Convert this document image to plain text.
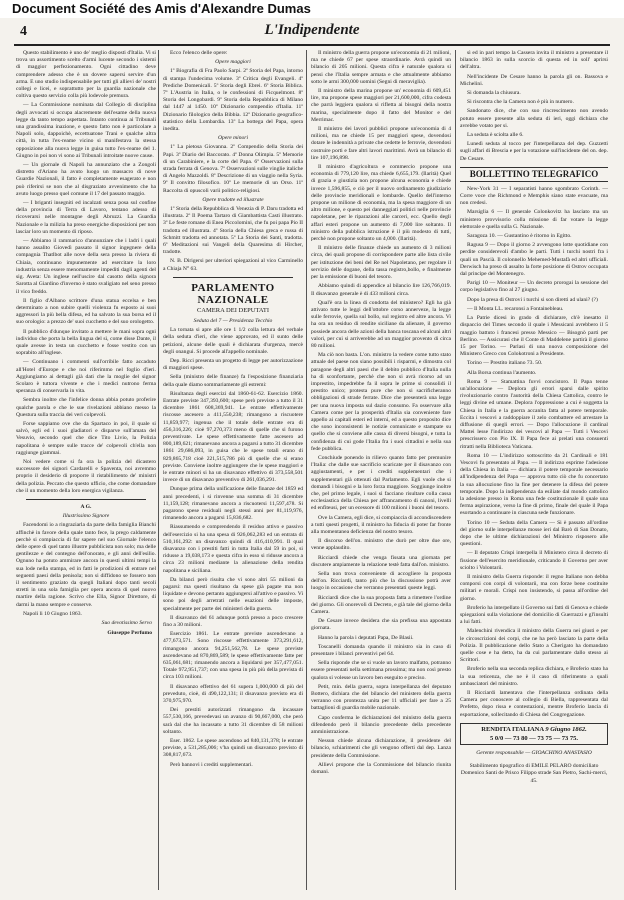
Document Société des Amis d'Alexandre Dumas
4	L'Indipendente

Questo stabilimento è uno de' meglio disposti d'Italia. Vi si trova un assortimento scelto d'armi lucente secondo i sistemi di maggior perfezionamento. Ogni cittadino deve comprendere adesso che è un dovere sapersi servire d'un arma. E uno studio indispensabile per tutti gli allievi de' nostri collegi e licei, e soprattutto per la guardia nazionale che coltiva questo servizio colla più lodevole premura.

— La Commissione nominata dal Collegio di disciplina degli avvocati si occupa alacremente dell'esame della nuova legge da tanto tempo aspettata. Intanto continua ai Tribunali una grandissima inazione, e questo fatto non è particolare a Napoli solo, dappoichè, eccettuatone Trani e qualche altra città, in tutta l'ex-reame vicino si manifestava la stessa opposizione alla nuova legge in guisa tutto l'ex-reame del 1. Giugno in poi non vi sono ai Tribunali introitate nuove cause.

— Un giornale di Napoli ha annunziato che a Zongoli distretto d'Ariano ha avuto luogo un massacro di nove Guardie Nazionali, il fatto è completamente esagerato e non può riferirsi se non che al disgraziato avvenimento che ha avuto luogo presso quel comune il 17 del passato maggio.

— I briganti insegniti ed incalzati senza posa sul confine della provincia di Terra di Lavoro, tentano adesso di ricoverarsi nelle montagne degli Abruzzi. La Guardia Nazionale e la milizia ha preso energiche disposizioni per non lasciar loro un momento di riposo.

— Abbiamo il rammarico d'annunziare che i ladri i quali hanno assalito Giovedì passato il signor ingegnere della compagnia Thatlbot alle nove della sera presso la riviera di Chiaia, continuano impunemente ad esercitare la loro industria senza essere menomamente impediti dagli agenti del sig. Aveta: Un inglese nell'uscire dal casotto della signora Sarotta al Giardino d'inverno è stato svaligiato nel seno presso il vico freddo.

Il figlio d'Albano scrittore d'una statua eccelsa e ben determinato a non subire quelli violenza fu esposto ai suoi aggressori la più bella difesa, ed ha salvato la sua borsa ed il suo orologio: a prezzo de' suoi cucchetto e del suo orologetto.

Il pubblico d'dunque invitato a mettere le mani sopra ogni individuo che porta la bella lingua del sì, come disse Dante, il quale avesse in testa un cucchetto e fosse vestito con un soprabito all'inglese.

— Continuano i commenti sull'orribile fatto accaduto all'Hotel d'Europe e che noi riferimmo nel foglio d'ieri. Aggiungiamo ai dettagli già dati che la moglie del signor Scolaro è tuttora vivente e che i medici nutrono ferma speranza di conservarla in vita.

Sembra inoltre che l'infelice donna abbia potuto proferire qualche parola e che le sue rivelazioni abbiano messo la Questura sulla traccia dei veri colpevoli.

Forse sappiamo ove che da Spartaco in poi, il quale si salvò, egli ed i suoi gladiatori e disparve sull'amata del Vesuvio, secondo quel che dice Tito Livio, la Polizia napolitana è sempre sulle tracce de' colpevoli ch'ella non raggiunge giammai.

Noi vedere come si fa ora la polizia del dicastero successore dei signori Cardarelli e Spaventa, noi avremmo proprio il desiderio di proporre il ristabilimento de' ministri della polizia. Peccato che questo ufficio, che come domandare che il un momento della loro energica vigilanza.

A G.

Illustrissimo Signore

Facendomi io a ringraziarla da parte della famiglia Bianchi affinchè in favore della quale tanto fece, la prego caldamente perchè si compiaccia di far sapere nel suo Giornale l'elenco delle opere di quel tanto illustre pubblicista non solo; ma delle gentilezze e del contegno dell'onorato, e gli anni dell'esilio. Ognuno ha potuto ammirare ancora in questi ultimi tempi la sua lode nella stampa, ed in fatti le prodizioni di entrare nel seguenti paesi della penisola; non si diffidono se fossero non il sentimento graziato da quegli Italiani dopo tanti secoli stretti in una sola famiglia per opera ancora di quel nuovo martire della ragione. Scrivo che Ella, Signor Direttore, di darmi la mano sempre e conserve.

Napoli li 10 Giugno 1863.

Suo devotissimo Servo

Giuseppe Perfumo

Ecco l'elenco delle opere:

Opere maggiori

1º Biografia di Fra Paolo Sarpi. 2º Storia del Papa, intorno di stampa l'undecima volume. 3º Critica degli Evangeli. 4º Prediche Domenicali. 5º Storia degli Ebrei. 6º Storia Biblica. 7º L'Austria in Italia, o le confessioni di Ficquelmont. 8º Storia dei Longobardi. 9º Storia della Repubblica di Milano dal 1447 al 1450. 10º Dizionario compendio d'Italia. 11º Dizionario filologico della Bibbia. 12º Dizionario geografico-statistico della Lombardia. 13º La bottega del Papa, opera inedita.

Opere minori

1º La pietosa Giovanna. 2º Compendio della Storia dei Papi. 3º Diario del Baccorato. 4º Donna Olimpia. 5º Memorie di un Carabiniere, e la corte del Papa. 6º Osservazioni sulla strada ferrata di Genova. 7º Osservazioni sulle vinglie italiche di Angelo Mazzoldi. 8º Descrizione di un viaggio nella Syria. 9º Il convitto filosofico. 10º Le memorie di un Orso. 11º Raccolta di opuscoli varii politico-religiosi.

Opere tradotte ed illustrate

1º Storia della Repubblica di Venezia di P. Daru tradotta ed illustrata. 2º Il Poema Tartaro di Giambattista Casti illustrato. 3º Le feste romane di Enea Piccolomini, che fu poi papa Pio II tradotta ed illustrata. 4º Storia della Chiesa greca e russa di Schmitt tradotta ed annotata. 5º La Storia dei Santi, tradotta. 6º Meditazioni sui Vangeli della Quaresima di Hircher, tradotte.

N. B. Dirigersi per ulteriori spiegazioni al vico Carminello a Chiaja N° 63.

PARLAMENTO NAZIONALE
CAMERA DEI DEPUTATI

Seduta del 7 — Presidenza Tecchio

La tornata si apre alle ore 1 1/2 colla lettura del verbale della seduta d'ieri, che viene approvato, ed il sunto delle petizioni, alcune delle quali è dichiarata d'urgenza, mercè degli onangui. Si procede all'appello nominale.

Dep. Ricci presenta un progetto di legge per autorizzazione di maggiori spese.

Sella (ministro delle finanze) fa l'esposizione finanziaria della quale diamo sommariamente gli estremi:

Risultanza degli esercizi dal 1860-61-62. Esercizio 1860. Entrate previste 347,393,600; spese però previste a tutto il 31 dicembre 1861 608,369,941. Le entrate effettivamente riscosse ascesero a 411,550,238; rimangono a riscuotere 11,859,977; ingenua che il totale delle entrate era di 456,316,226; cioè 97,270,373 meno di quelle che si furono preventivate. Le spese effettivamente fatte ascesero ad 800,189,621; rimanevano ancora a pagarsi a tutto 31 dicembre 1861 29,686,093, in guisa che le spese totali erano di 829,865,718 cioè 221,515,786 più di quelle che si erano previste. Conviene inoltre aggiungere che le spese maggiori e le entrate minori si ha un disavanzo effettivo di 373,558,501 invece di un disavanzo preventivo di 261,036,291.

Dunque prima della unificazione delle finanze del 1859 ed anni precedenti, i si rinvenne una somma di 31 dicembre 11,159,128; rimanevano ancora a riscuotersi 11,597,478. Si pagarono spese residuali negli stessi anni per 81,119,976, rimanendo ancora a pagarsi 15,836,682.

Riassumendo e comprendendo il residuo attivo e passivo dell'esercizio si ha una spesa di 926,062,283 ed un entrata di 510,161,292: un disavanzo quindi di 416,410,991. Il qual disavanzo con i prestiti fatti in tutta Italia dal 59 in poi, si ridusse a 19,038,173 e questa cifra in esso si ridusse ancora a circa 23 milioni mediante la alienazione della rendita napolitana e siciliana.

Da bilanci però risulta che vi sono altri 55 milioni da pagarsi: ma questi risultano da spese già pagate ma non liquidate e devono pertanto aggiungersi all'attivo e passivo. Vi sono poi degli arretrati nelle esazioni delle imposte, specialmente per parte dei ministeri della guerra.

Il disavanzo del 61 adunque potrà presso a poco crescere fino a 30 milioni.

Esercizio 1861. Le entrate previste ascendevano a 477,673,571. Sono riscosse effettivamente 373,291,612, rimangono ancora 94,251,562,78. Le spese previste ascendevano ad 870,869,589; le spese effettivamente fatte per 635,061,681; rimanendo ancora a liquidarsi per 357,477,051. Totale 972,951,737; con una spesa in più più della prevista di circa 103 milioni.

Il disavanzo effettivo del 61 supera 1,000,000 di più del preveduto, cioè, di 490,122,131; il disavanzo previsto era di 370,975,970.

Dei prestiti autorizzati rimangono da incassare 557,530,166, prevedevasi un avanzo di 90,667,000, che però sarà dal che ha incassato a tutto 31 dicembre di 58 milioni soltanto.

Eser. 1862. Le spese ascendono ad 840,131,378; le entrate previste, a 531,285,006; v'ha quindi un disavanzo previsto di 308,817,673.

Però bannovi i crediti supplementari.

Il ministro della guerra propone un'economia di 21 milioni, ma ne chiede 67 per spese straordinarie. Avrà quindi un bilancio di 205 milioni. Questa cifra è naturale qualora si pensi che l'Italia sempre armata e che attualmente abbiamo sotto le armi 300,000 uomini (Segni di meraviglia).

Il ministro della marina propone un' economia di 609,451 lire, ma propone spese maggiori per 21,600,000, cifra codesta che parrà leggiera qualora si rifletta ai bisogni della nostra marina, specialmente dopo il fatto del Monitor e del Merrimac.

Il ministro dei lavori pubblici propone un'economia di 4 milioni, ma ne chiede 15 per maggiori spese, dovendosi dotare le indennità a private che cedette le ferrovie, dovendosi costruire porti e fare altri lavori marittimi. Avrà un bilancio di lire 107,196,898.

Il ministro d'agricoltura e commercio propone una economia di 779,120 lire, ma chiede 6,655,179. (Ilarità) Quel di grazia e giustizia non propone alcuna economia e chiede invece 1,596,855, e ciò per il nuovo ordinamento giudiziario delle provincie meridionali e lombarde. Quello dell'interno propone un milione di economia, ma la spesa maggiore di un altro milione, e questo pei danneggiati politici nelle provincie napoletane, per le riparazioni alle carceri, ecc. Quello degli affari esteri propone un aumento di 7,000 lire soltanto. Il ministro della pubblica istruzione è il più modesto di tutti, perchè non propone soltanto un 4,000. (Ilarità).

Il ministro delle finanze chiede un aumento di 3 milioni circa, dei quali propone di corrispondere parte alle lista civile per istituzione dei beni del Re nel Napoletano, per regolare il servizio delle dogane, della tassa registro,bollo, e finalmente per la emissione di buoni del tesoro.

Abbiamo quindi di appendice al bilancio lire 126,766,019. Il disavanzo generale è di 433 milioni circa.

Qual'è ora la linea di condotta del ministero? Egli ha già attivato tutte le leggi dell'ottobre corso annerveze, la legge sulle ferrovie, quella sul bollo, sul registro ed altre ancora. Vi ha ora un residuo di rendite siciliane da alienare, il governo possiede ancora delle azioni della banca toscana ed alcuni altri valori, per cui si arriverebbe ad un maggior provento di circa 80 milioni.

Ma ciò non basta. L'on. ministro la vedere come tutto stato attuale del paese non siano possibili i risparmi, e dimostra col paragone degli altri paesi che il debito pubblico d'Italia nulla ha di sconfortante, perchè che non si avrà ricorso ad un imprestito, impedrebbe fa il sopra le prime si consolidi il prestito unico; protesta pure che non si sacrificheranno obbligazioni di strade ferrate. Dice che presenterà una legge per una nuova imposta sul dazio consumo. Fa osservare alla Camera come per la prosperità d'Italia sia conveniente fare appello ai capitali esteri ed interni, ed a questo proposito dice che sono inconsistenti le notizie comunicate e stampate su quello che si conviene alle cassa di diversi bisogni, e tutta la confidenza di cui gode l'Italia fra i suoi cittadini e nella sua fede pubblica.

Conchiude ponendo in rilievo quanto fatto per premunire l'Italia: che dalle sue sacrificio scaricate per il disavanzo con aggiustamenti, e per i crediti supplementari che i supplementari già ottenuti dal Parlamento. Egli vuole che si domandi i bisogni e la loro forza maggiore. Soggiunge inoltre che, pel primo legale, i suoi si facciano risultare colla cassa ecclesiastica della Chiesa per affrancamento di canoni, livelli ed enfiteusi, per un ecessore di 100 milioni i buoni del tesoro.

Ove la Camera, egli dice, si compiaccia di accondiscendere a tutti questi progetti, il ministro ha fiducia di poter far fronte alla momentanea deficienza del nostro tesoro.

Il discorso dell'on. ministro che durò per oltre due ore, venne applaudito.

Ricciardi chiede che venga fissata una giornata per discutere ampiamente la relazione testè fatta dall'on. ministro.

Sella non trova conveniente di accogliere la proposta dell'on. Ricciardi, tanto più che la discussione potrà aver luogo in occasione che verranno presentati queste leggi.

Ricciardi dice che la sua proposta fatta a rimettere l'ordine del giorno. Gli onorevoli di Decreto, e già tale del giorno della Camera.

De Cesare invece desidera che sia prefissa una appostata giornata.

Hanno la parola i deputati Papa, De Blasii.

Toscanelli domanda quando il ministro sia in caso di presentare i bilanci preventivi pel 64.

Sella risponde che se si vuole un lavoro malfatto, potranno essere presentati nella settimana prossima; ma non così presto qualora si volesse un lavoro ben eseguito e preciso.

Petit, min. della guerra, sopra interpellanza del deputato Bottero, dichiara che del bilancio del ministero della guerra verranno con prontezza unita per 11 ufficiali per fare a 25 battaglioni di guardia mobile nazionale.

Capo conferma le dichiarazioni del ministro della guerra difendendo però il bilancio precedente della precedente amministrazione.

Nessun chiede alcuna dichiarazione, il presidente del bilancio, schiarimenti che gli vengono offerti dal dep. Lanza presidente della Commissione.

Allievi propone che la Commissione del bilancio riunita domani.

sì ed in pari tempo la Cassera invita il ministro a presentare il bilancio 1863 in sulla scorcio di questa ed in soll' aprirsi dell'altra.

Nell'incidente De Cesare hanno la parola gli on. Bassova e Michelini.

Si domanda la chiusura.

Si riscontra che la Camera non è più in numero.

Sandonato dice, che con suo rincrescimento non avendo potuto essere presente alla seduta di ieri, oggi dichiara che avrebbe votato per si.

La seduta è sciolta alle 6.

Lunedì seduta al tocco per l'interpellanza del dep. Guzzetti sugli affari di Brescia e per la votazione sull'incidente del on. dep. De Cesare.

BOLLETTINO TELEGRAFICO

New-York 31 — I separatisti hanno sgombrato Corinth. — Corre voce che Richmond e Memphis siano state evacuate, ma non credesi.

Marsiglia 6 — Il generale Colonkovitz ha lasciato ma un ministero provvisorio colla missione di far votare la legge elettorale e quella sulla G. Nazionale.

Saragoza 10. — Gustantino è ritorno in Egitto.

Ragusa 9 — Dopo il giorno 2 avvengono lotte quotidiane con perdite considerevoli d'ambo le parti. Tutti i turchi nostri fra i quali un Pascià. Il colonnello Mehemed-Mustafà ed altri ufficiali. Derwisch ha preso di assalto la forte posizione di Ostrov occupata dal principe del Montenegro.

Parigi 10 — Moniteur — Un decreto prorogai la sessione del corpo legislativo fino al 27 giugno.

Dopo la presa di Ostrovi i turchi si son diretti ad ulani? (?)

— Il Monta LL. recaronsi a Fontainebleau.

La Patrie dicesi in grado di dichiarare, ch'è inesatto il dispaccio del Times secondo il quale i Messicani avrebbero il 5 maggio battuto i francesi presso Messico — Bisognò parti per Berlino. — Assicurasi che il Conte di Maddelene partirà il giorno 15 per Torino. — Parlasi di una nuova composizione del Ministero Greco con Colokotroni a Presidente.

Torino — Prestito italiano 73. 50.

Alla Borsa continua l'aumento.

Roma 9 — Stamattina fuvvi concistoro. Il Papa tenne un'allocuzione — Deplora gli errori sparsi dalle spirito rivoluzionario contro l'autorità della Chiesa Cattolica, contro le leggi divine ed umane. Deplora l'oppressione a cui è soggetta la Chiesa in Italia e la guerra accanita fatta al potere temporale. Eccita i vescovi a raddoppiare il zelo combattere ed arrestare la diffusione di quegli errori. — Dopo l'allocuzione il cardinal Mattei lesse l'indirizzo dei vescovi al Papa — Tutti i Vescovi prescrissero con Pio IX. Il Papa fece ai prelati una consuenti ritratti nella Biblioteca Vaticana.

Roma 10 — L'indirizzo sottoscritto da 21 Cardinali e 181 Vescovi fu presentato al Papa. — Il indirizzo esprime l'adesione della Chiesa in Italia — dichiara il potere temporale necessario all'indipendenza del Papa — approva tutto ciò che fu concertato la sua allocuzione fino la fine per detenere la difesa del potere temporale. Dopo la indipendenza da esiliate dal mondo cattolico la adesione presso in Roma una fede costituzionale il quale una ferma aspirazione, verso la fine di primo, finale del quale il Papa esortando a continuare in ciascuna sede funzionare.

Torino 10 — Seduta della Camera — Si è passato all'ordine del giorno sulle interpellanze mosse ieri dal Barò di San Donato, dopo che le ultime dichiarazioni del Ministro risposero alle questioni.

— Il deputato Crispi interpella il Ministero circa il decreto di fissione dell'esercito meridionale, criticando il Governo per aver sciolto i Volontarii.

Il ministro della Guerra risponde: il regno Italiano non debba comporsi con corpi di volontarii, ma con forze bene costituite militari e morali. Crispi non insistendo, si passa all'ordine del giorno.

Broferio ha interpellato il Governo sui fatti di Genova e chiede spiegazioni sulla violazione del domicilio di Guerrazzi e gl'insulti a lui fatti.

Malenchini rivendica il ministro della Guerra nei giusti e per le circoscrizioni dei corpi, che ne ha però lasciato la parte della Polizia. Il pubblicazione dello Stato a Cherigato ha domandato quelle cose e ha detto, ha da cui parlamentare dallo stesso ai Scrittori.

Broferio nella sua seconda replica dichiara, e Broferio stato ha la sua reticenza, che ne è il caso di riferimento a quali ambasciatori del ministro.

Il Ricciardi lamentava che l'interpellanza ordinata della Camera per conoscere al collegio di Biella, rappresentata dal Prefetto, dopo rissa e contestazioni, mentre Broferio lancia di esportazione, sollecitando di Chiesa del Congregazione.

RENDITA ITALIANA 9 Giugno 1862.
5 0/0 — 73 80 — 73 75 — 73 75.

Gerente responsabile — GIOACHINO ANASTASIO

Stabilimento tipografico di EMILE PELARO domiciliato Domenico Santi de Prisco Filippo strade San Pietro, Sachi-merci, 45.
